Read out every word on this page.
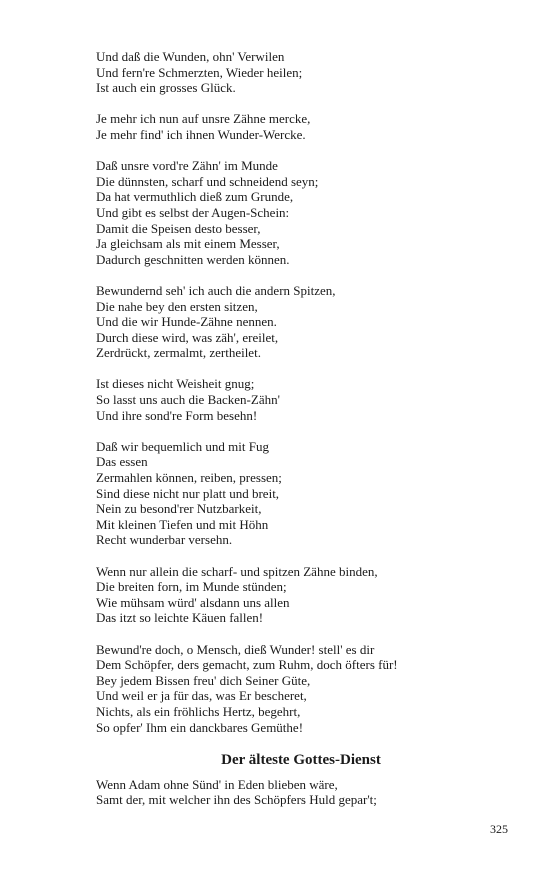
Und daß die Wunden, ohn' Verwilen
Und fern're Schmerzten, Wieder heilen;
Ist auch ein grosses Glück.
Je mehr ich nun auf unsre Zähne mercke,
Je mehr find' ich ihnen Wunder-Wercke.
Daß unsre vord're Zähn' im Munde
Die dünnsten, scharf und schneidend seyn;
Da hat vermuthlich dieß zum Grunde,
Und gibt es selbst der Augen-Schein:
Damit die Speisen desto besser,
Ja gleichsam als mit einem Messer,
Dadurch geschnitten werden können.
Bewundernd seh' ich auch die andern Spitzen,
Die nahe bey den ersten sitzen,
Und die wir Hunde-Zähne nennen.
Durch diese wird, was zäh', ereilet,
Zerdrückt, zermalmt, zertheilet.
Ist dieses nicht Weisheit gnug;
So lasst uns auch die Backen-Zähn'
Und ihre sond're Form besehn!
Daß wir bequemlich und mit Fug
Das essen
Zermahlen können, reiben, pressen;
Sind diese nicht nur platt und breit,
Nein zu besond'rer Nutzbarkeit,
Mit kleinen Tiefen und mit Höhn
Recht wunderbar versehn.
Wenn nur allein die scharf- und spitzen Zähne binden,
Die breiten forn, im Munde stünden;
Wie mühsam würd' alsdann uns allen
Das itzt so leichte Käuen fallen!
Bewund're doch, o Mensch, dieß Wunder! stell' es dir
Dem Schöpfer, ders gemacht, zum Ruhm, doch öfters für!
Bey jedem Bissen freu' dich Seiner Güte,
Und weil er ja für das, was Er bescheret,
Nichts, als ein fröhlichs Hertz, begehrt,
So opfer' Ihm ein danckbares Gemüthe!
Der älteste Gottes-Dienst
Wenn Adam ohne Sünd' in Eden blieben wäre,
Samt der, mit welcher ihn des Schöpfers Huld gepar't;
325
